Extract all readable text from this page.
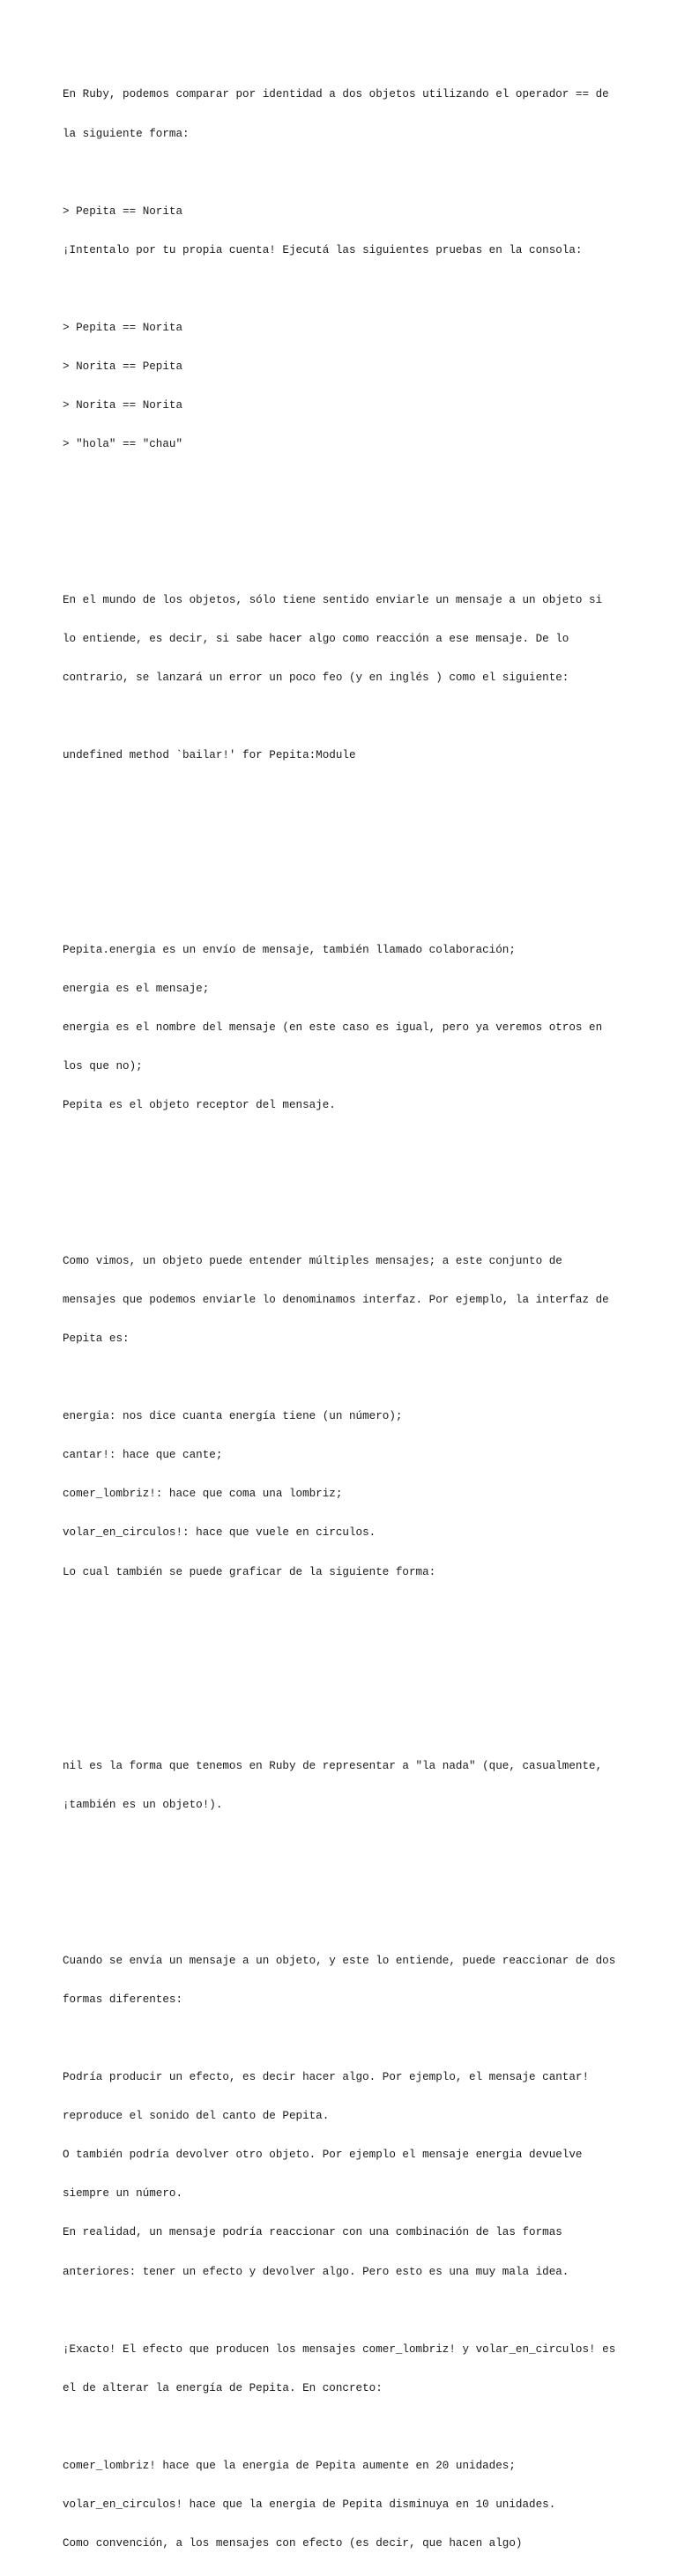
En Ruby, podemos comparar por identidad a dos objetos utilizando el operador == de

la siguiente forma:

> Pepita == Norita

¡Intentalo por tu propia cuenta! Ejecutá las siguientes pruebas en la consola:

> Pepita == Norita

> Norita == Pepita

> Norita == Norita

> "hola" == "chau"

En el mundo de los objetos, sólo tiene sentido enviarle un mensaje a un objeto si

lo entiende, es decir, si sabe hacer algo como reacción a ese mensaje. De lo

contrario, se lanzará un error un poco feo (y en inglés ) como el siguiente:

undefined method `bailar!' for Pepita:Module

Pepita.energia es un envío de mensaje, también llamado colaboración;

energia es el mensaje;

energia es el nombre del mensaje (en este caso es igual, pero ya veremos otros en

los que no);

Pepita es el objeto receptor del mensaje.

Como vimos, un objeto puede entender múltiples mensajes; a este conjunto de

mensajes que podemos enviarle lo denominamos interfaz. Por ejemplo, la interfaz de

Pepita es:

energia: nos dice cuanta energía tiene (un número);

cantar!: hace que cante;

comer_lombriz!: hace que coma una lombriz;

volar_en_circulos!: hace que vuele en circulos.

Lo cual también se puede graficar de la siguiente forma:

nil es la forma que tenemos en Ruby de representar a "la nada" (que, casualmente,

¡también es un objeto!).

Cuando se envía un mensaje a un objeto, y este lo entiende, puede reaccionar de dos

formas diferentes:

Podría producir un efecto, es decir hacer algo. Por ejemplo, el mensaje cantar!

reproduce el sonido del canto de Pepita.

O también podría devolver otro objeto. Por ejemplo el mensaje energia devuelve

siempre un número.

En realidad, un mensaje podría reaccionar con una combinación de las formas

anteriores: tener un efecto y devolver algo. Pero esto es una muy mala idea.

¡Exacto! El efecto que producen los mensajes comer_lombriz! y volar_en_circulos! es

el de alterar la energía de Pepita. En concreto:

comer_lombriz! hace que la energia de Pepita aumente en 20 unidades;

volar_en_circulos! hace que la energia de Pepita disminuya en 10 unidades.

Como convención, a los mensajes con efecto (es decir, que hacen algo)
